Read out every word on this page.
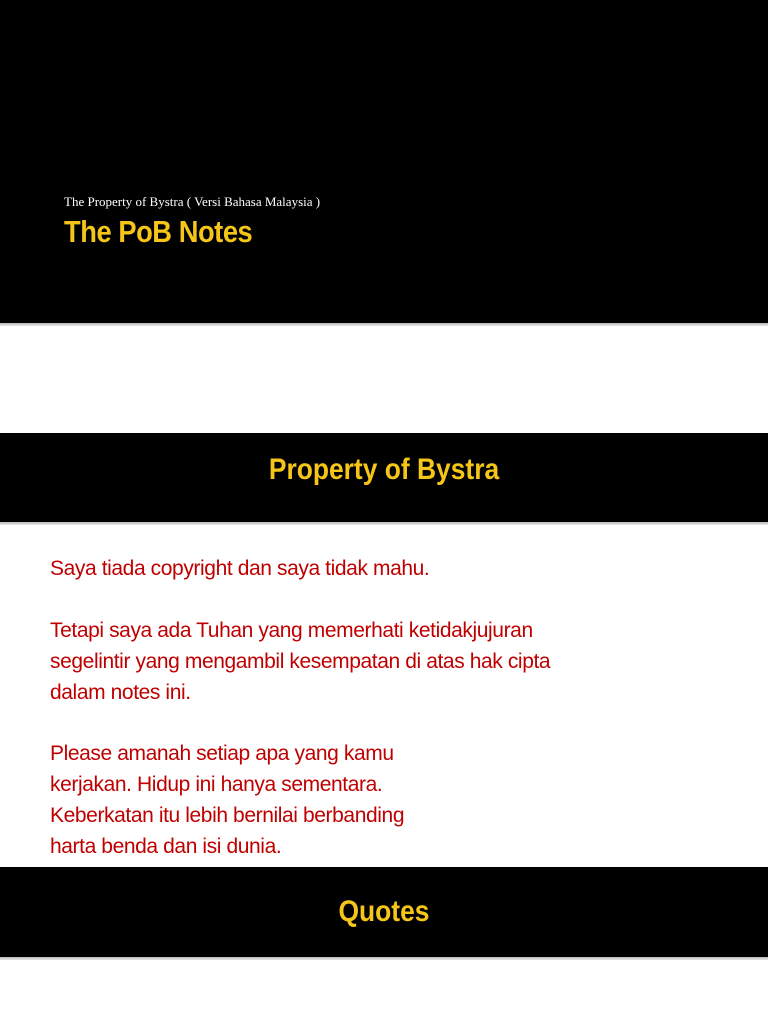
The Property of Bystra ( Versi Bahasa Malaysia )
The PoB Notes
Property of Bystra
Saya tiada copyright dan saya tidak mahu.
Tetapi saya ada Tuhan yang memerhati ketidakjujuran
segelintir yang mengambil kesempatan di atas hak cipta
dalam notes ini.
Please amanah setiap apa yang kamu
kerjakan. Hidup ini hanya sementara.
Keberkatan itu lebih bernilai berbanding
harta benda dan isi dunia.
Quotes
